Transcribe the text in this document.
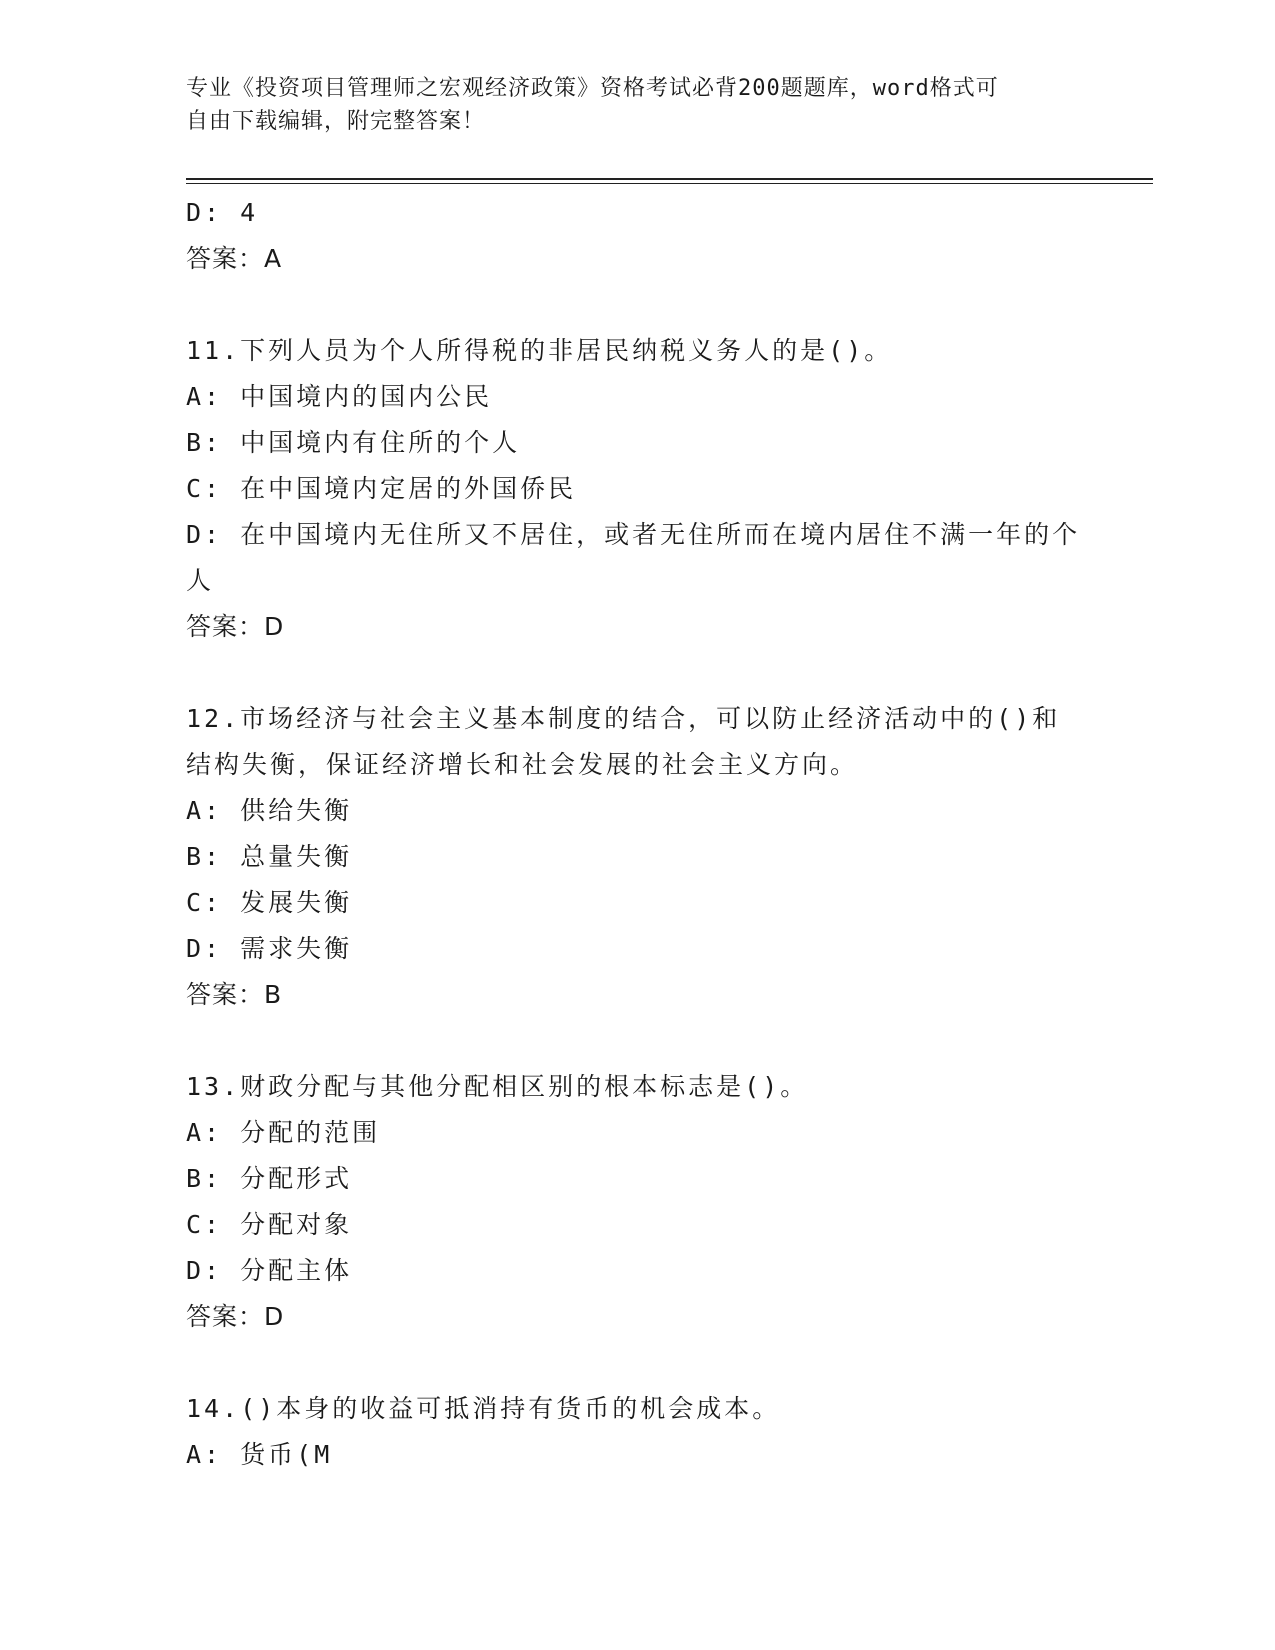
专业《投资项目管理师之宏观经济政策》资格考试必背200题题库，word格式可
自由下载编辑，附完整答案！
D: 4
答案：A
11.下列人员为个人所得税的非居民纳税义务人的是()。
A: 中国境内的国内公民
B: 中国境内有住所的个人
C: 在中国境内定居的外国侨民
D: 在中国境内无住所又不居住，或者无住所而在境内居住不满一年的个人
答案：D
12.市场经济与社会主义基本制度的结合，可以防止经济活动中的()和结构失衡，保证经济增长和社会发展的社会主义方向。
A: 供给失衡
B: 总量失衡
C: 发展失衡
D: 需求失衡
答案：B
13.财政分配与其他分配相区别的根本标志是()。
A: 分配的范围
B: 分配形式
C: 分配对象
D: 分配主体
答案：D
14.()本身的收益可抵消持有货币的机会成本。
A: 货币(M
